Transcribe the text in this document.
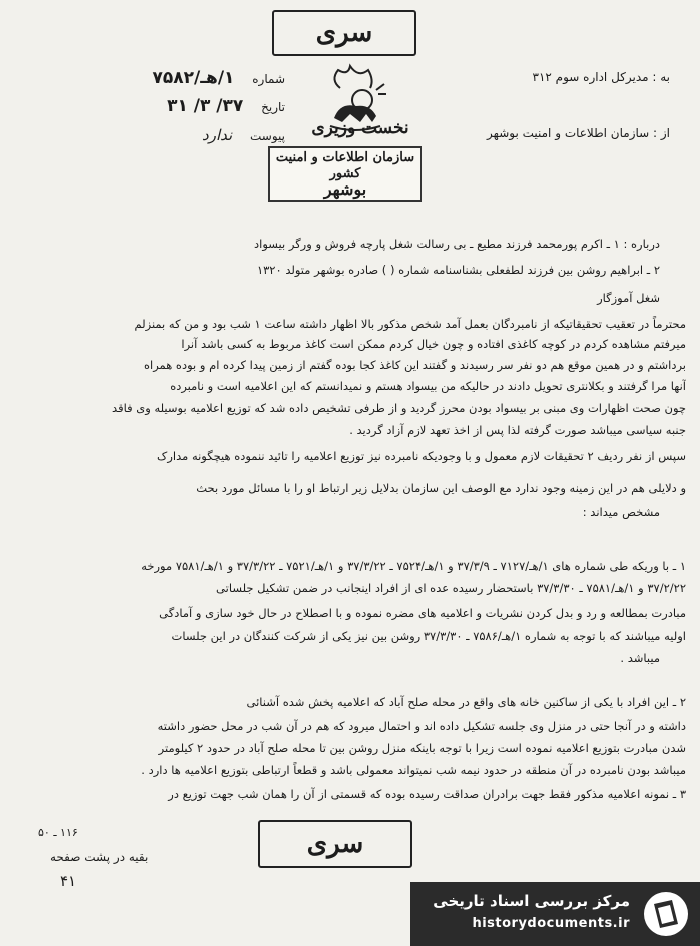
سری
به : مدیرکل اداره سوم ۳۱۲
از : سازمان اطلاعات و امنیت بوشهر
شماره ۱/هـ/۷۵۸۲
تاریخ ۳۷/ ۳/ ۳۱
پیوست ندارد	نخست وزیری
سازمان اطلاعات و امنیت کشور
بوشهر
درباره : ۱ ـ اکرم پورمحمد فرزند مطیع ـ بی رسالت شغل پارچه فروش و ورگر بیسواد
۲ ـ ابراهیم روشن بین فرزند لطفعلی بشناسنامه شماره ( ) صادره بوشهر متولد ۱۳۲۰
شغل آموزگار
محترماً در تعقیب تحقیقاتیکه از نامبردگان بعمل آمد شخص مذکور بالا اظهار داشته ساعت ۱ شب بود و من که بمنزلم
میرفتم مشاهده کردم در کوچه کاغذی افتاده و چون خیال کردم ممکن است کاغذ مربوط به کسی باشد آنرا
برداشتم و در همین موقع هم دو نفر سر رسیدند و گفتند این کاغذ کجا بوده گفتم از زمین پیدا کرده ام و بوده همراه
آنها مرا گرفتند و بکلانتری تحویل دادند در حالیکه من بیسواد هستم و نمیدانستم که این اعلامیه است و نامبرده
چون صحت اظهارات وی مبنی بر بیسواد بودن محرز گردید و از طرفی تشخیص داده شد که توزیع اعلامیه بوسیله وی فاقد
جنبه سیاسی میباشد صورت گرفته لذا پس از اخذ تعهد لازم آزاد گردید .
سپس از نفر ردیف ۲ تحقیقات لازم معمول و با وجودیکه نامبرده نیز توزیع اعلامیه را تائید ننموده هیچگونه مدارک
و دلایلی هم در این زمینه وجود ندارد مع الوصف این سازمان بدلایل زیر ارتباط او را با مسائل مورد بحث
مشخص میداند :
۱ ـ با وریکه طی شماره های ۱/هـ/۷۱۲۷ ـ ۳۷/۳/۹ و ۱/هـ/۷۵۲۴ ـ ۳۷/۳/۲۲ و ۱/هـ/۷۵۲۱ ـ ۳۷/۳/۲۲ و ۱/هـ/۷۵۸۱ مورخه
۳۷/۲/۲۲ و ۱/هـ/۷۵۸۱ ـ ۳۷/۳/۳۰ باستحضار رسیده عده ای از افراد اینجانب در ضمن تشکیل جلساتی
مبادرت بمطالعه و رد و بدل کردن نشریات و اعلامیه های مضره نموده و با اصطلاح در حال خود سازی و آمادگی
اولیه میباشند که با توجه به شماره ۱/هـ/۷۵۸۶ ـ ۳۷/۳/۳۰ روشن بین نیز یکی از شرکت کنندگان در این جلسات
میباشد .
۲ ـ این افراد با یکی از ساکنین خانه های واقع در محله صلح آباد که اعلامیه پخش شده آشنائی
داشته و در آنجا حتی در منزل وی جلسه تشکیل داده اند و احتمال میرود که هم در آن شب در محل حضور داشته
شدن مبادرت بتوزیع اعلامیه نموده است زیرا با توجه باینکه منزل روشن بین تا محله صلح آباد در حدود ۲ کیلومتر
میباشد بودن نامبرده در آن منطقه در حدود نیمه شب نمیتواند معمولی باشد و قطعاً ارتباطی بتوزیع اعلامیه ها دارد .
۳ ـ نمونه اعلامیه مذکور فقط جهت برادران صداقت رسیده بوده که قسمتی از آن را همان شب جهت توزیع در
سری
۱۱۶ ـ ۵۰
بقیه در پشت صفحه
۴۱
مرکز بررسی اسناد تاریخی
historydocuments.ir
